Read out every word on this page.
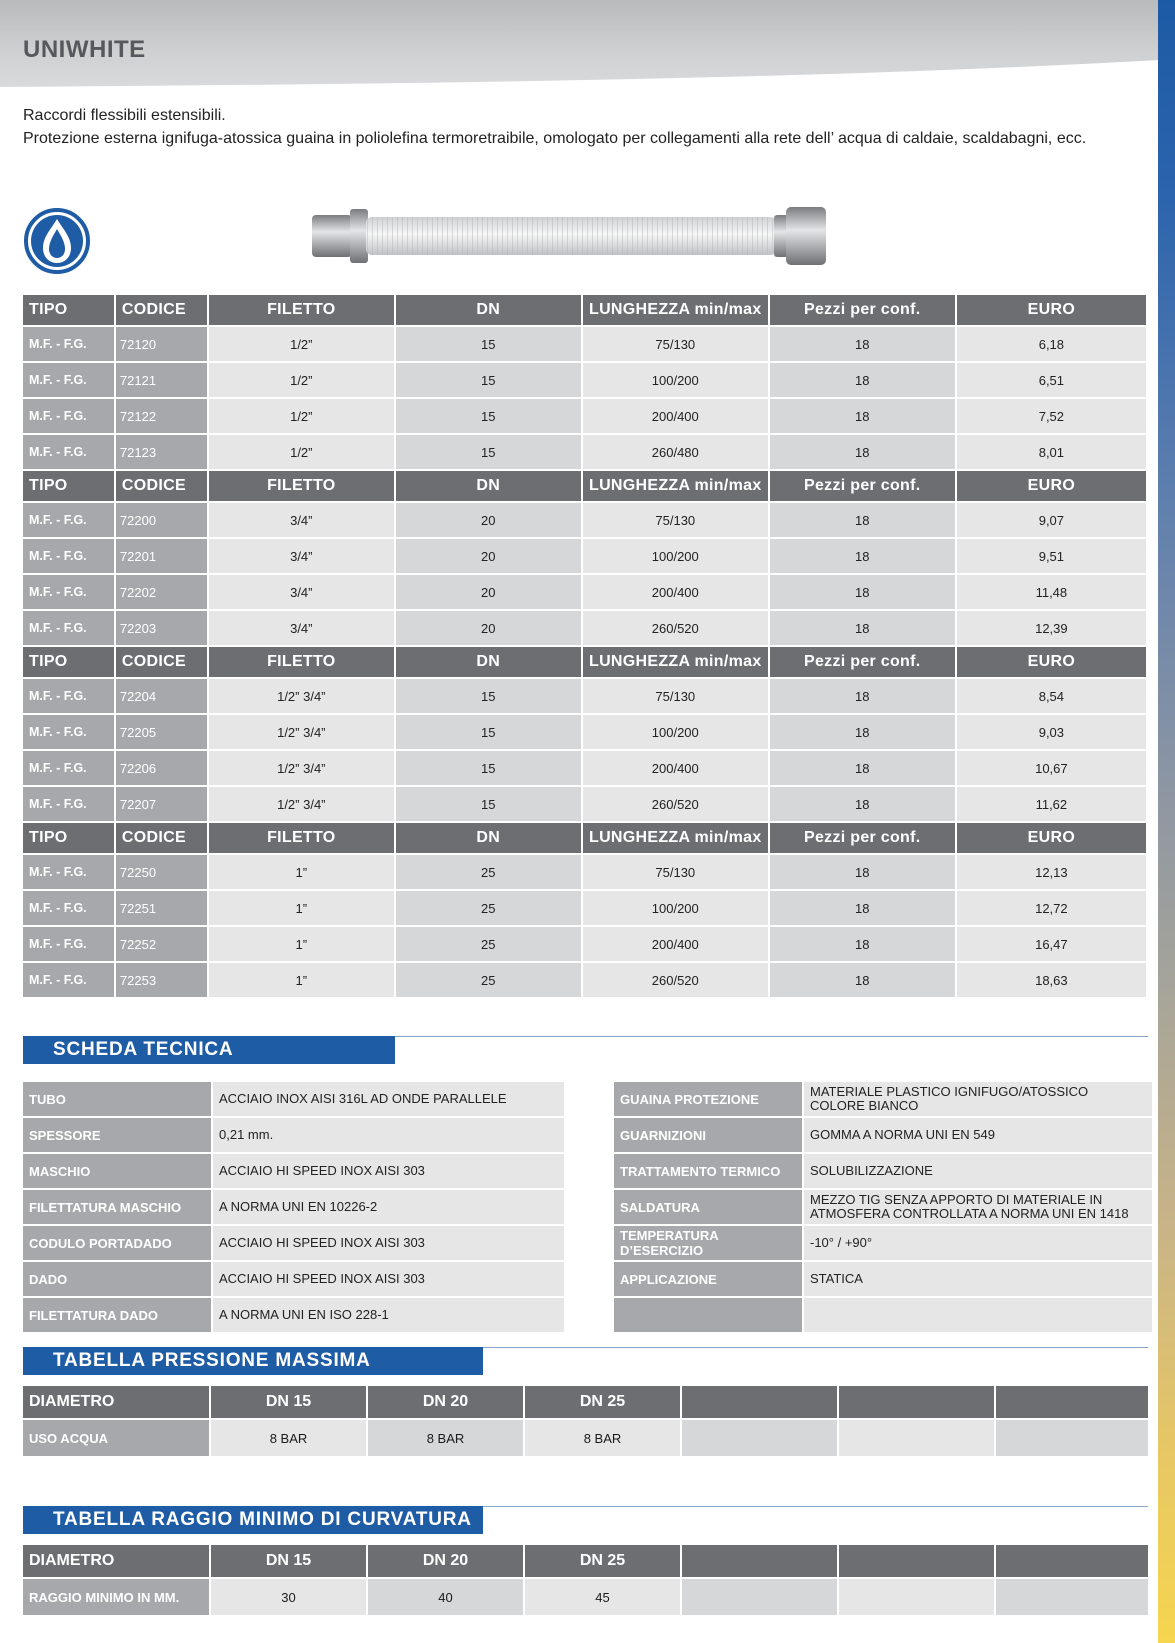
UNIWHITE
Raccordi flessibili estensibili.
Protezione esterna ignifuga-atossica guaina in poliolefina termoretraibile, omologato per collegamenti alla rete dell’ acqua di caldaie, scaldabagni, ecc.
TIPO	CODICE	FILETTO	DN	LUNGHEZZA min/max	Pezzi per conf.	EURO
M.F. - F.G.	72120	1/2”	15	75/130	18	6,18
M.F. - F.G.	72121	1/2”	15	100/200	18	6,51
M.F. - F.G.	72122	1/2”	15	200/400	18	7,52
M.F. - F.G.	72123	1/2”	15	260/480	18	8,01
TIPO	CODICE	FILETTO	DN	LUNGHEZZA min/max	Pezzi per conf.	EURO
M.F. - F.G.	72200	3/4”	20	75/130	18	9,07
M.F. - F.G.	72201	3/4”	20	100/200	18	9,51
M.F. - F.G.	72202	3/4”	20	200/400	18	11,48
M.F. - F.G.	72203	3/4”	20	260/520	18	12,39
TIPO	CODICE	FILETTO	DN	LUNGHEZZA min/max	Pezzi per conf.	EURO
M.F. - F.G.	72204	1/2” 3/4”	15	75/130	18	8,54
M.F. - F.G.	72205	1/2” 3/4”	15	100/200	18	9,03
M.F. - F.G.	72206	1/2” 3/4”	15	200/400	18	10,67
M.F. - F.G.	72207	1/2” 3/4”	15	260/520	18	11,62
TIPO	CODICE	FILETTO	DN	LUNGHEZZA min/max	Pezzi per conf.	EURO
M.F. - F.G.	72250	1”	25	75/130	18	12,13
M.F. - F.G.	72251	1”	25	100/200	18	12,72
M.F. - F.G.	72252	1”	25	200/400	18	16,47
M.F. - F.G.	72253	1”	25	260/520	18	18,63
SCHEDA TECNICA
TUBO	ACCIAIO INOX AISI 316L AD ONDE PARALLELE
SPESSORE	0,21 mm.
MASCHIO	ACCIAIO HI SPEED INOX AISI 303
FILETTATURA MASCHIO	A NORMA UNI EN 10226-2
CODULO PORTADADO	ACCIAIO HI SPEED INOX AISI 303
DADO	ACCIAIO HI SPEED INOX AISI 303
FILETTATURA DADO	A NORMA UNI EN ISO 228-1
GUAINA PROTEZIONE	MATERIALE PLASTICO IGNIFUGO/ATOSSICO COLORE BIANCO
GUARNIZIONI	GOMMA A NORMA UNI EN 549
TRATTAMENTO TERMICO	SOLUBILIZZAZIONE
SALDATURA	MEZZO TIG SENZA APPORTO DI MATERIALE IN ATMOSFERA CONTROLLATA A NORMA UNI EN 1418
TEMPERATURA D’ESERCIZIO	-10° / +90°
APPLICAZIONE	STATICA

TABELLA PRESSIONE MASSIMA
DIAMETRO	DN 15	DN 20	DN 25			
USO ACQUA	8 BAR	8 BAR	8 BAR			
TABELLA RAGGIO MINIMO DI CURVATURA
DIAMETRO	DN 15	DN 20	DN 25			
RAGGIO MINIMO IN MM.	30	40	45			
